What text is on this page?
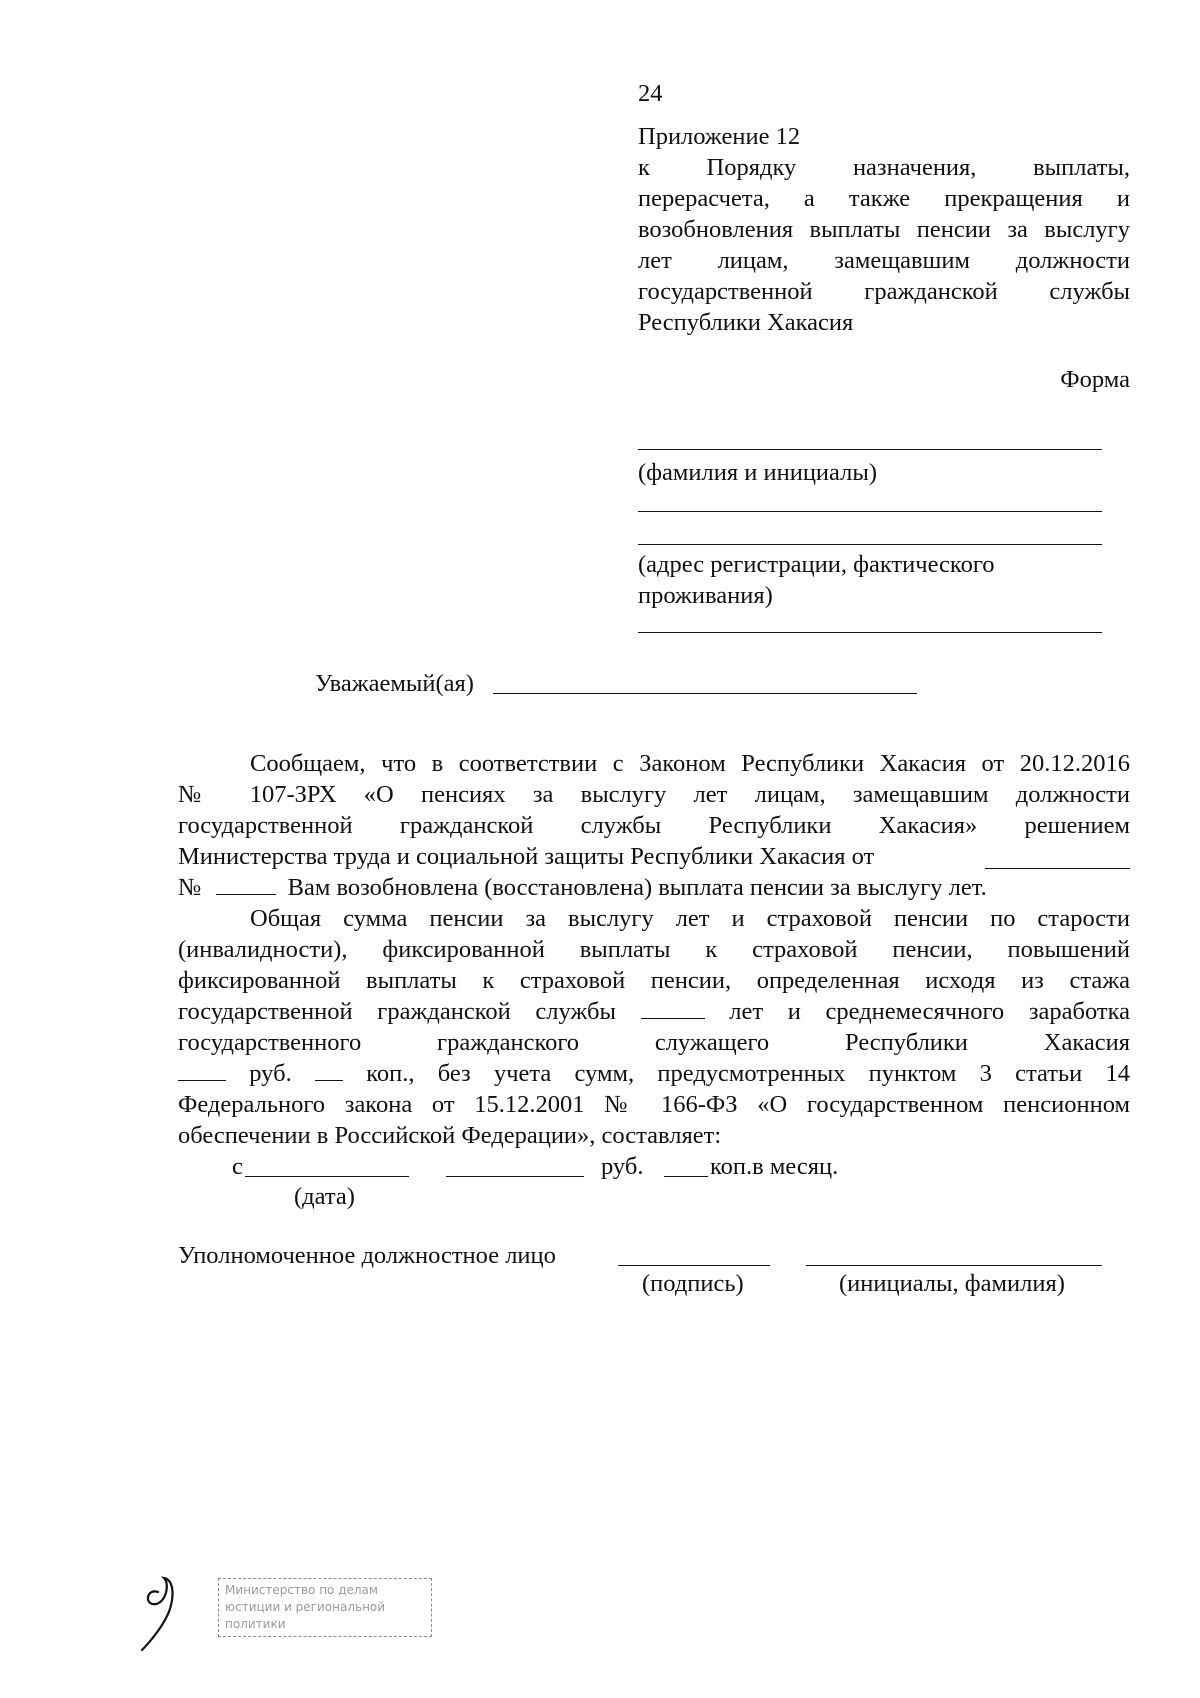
24
Приложение 12
к Порядку назначения, выплаты,
перерасчета, а также прекращения и
возобновления выплаты пенсии за выслугу
лет лицам, замещавшим должности
государственной гражданской службы
Республики Хакасия
Форма
(фамилия и инициалы)
(адрес регистрации, фактического
проживания)
Уважаемый(ая)
Сообщаем, что в соответствии с Законом Республики Хакасия от 20.12.2016
№ 107-ЗРХ «О пенсиях за выслугу лет лицам, замещавшим должности
государственной гражданской службы Республики Хакасия» решением
Министерства труда и социальной защиты Республики Хакасия от
№	Вам возобновлена (восстановлена) выплата пенсии за выслугу лет.
Общая сумма пенсии за выслугу лет и страховой пенсии по старости
(инвалидности), фиксированной выплаты к страховой пенсии, повышений
фиксированной выплаты к страховой пенсии, определенная исходя из стажа
государственной гражданской службы	лет и среднемесячного заработка
государственного гражданского служащего Республики Хакасия
руб.	коп., без учета сумм, предусмотренных пунктом 3 статьи 14
Федерального закона от 15.12.2001 № 166-ФЗ «О государственном пенсионном
обеспечении в Российской Федерации», составляет:
с	руб.	коп.в месяц.
(дата)
Уполномоченное должностное лицо
(подпись)	(инициалы, фамилия)
Министерство по делам
юстиции и региональной
политики
